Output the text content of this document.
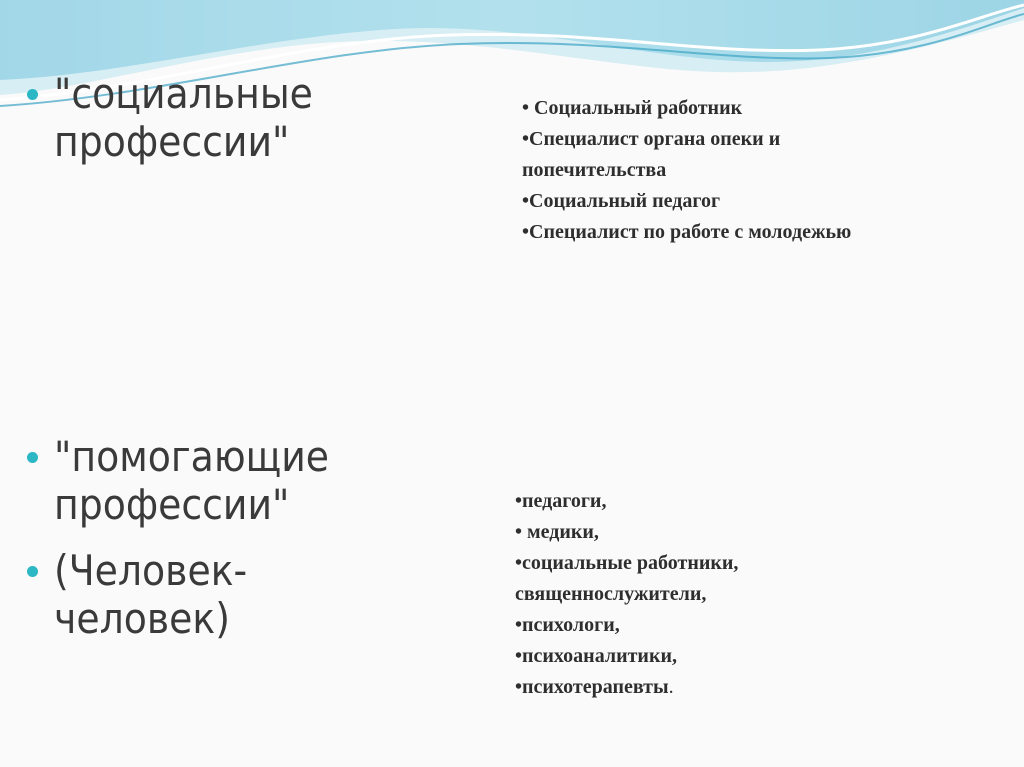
"социальные
профессии"
• Социальный работник
•Специалист органа опеки и
попечительства
•Социальный педагог
•Специалист по работе с молодежью
"помогающие
профессии"
(Человек-
человек)
•педагоги,
• медики,
•социальные работники,
священнослужители,
•психологи,
•психоаналитики,
•психотерапевты.
